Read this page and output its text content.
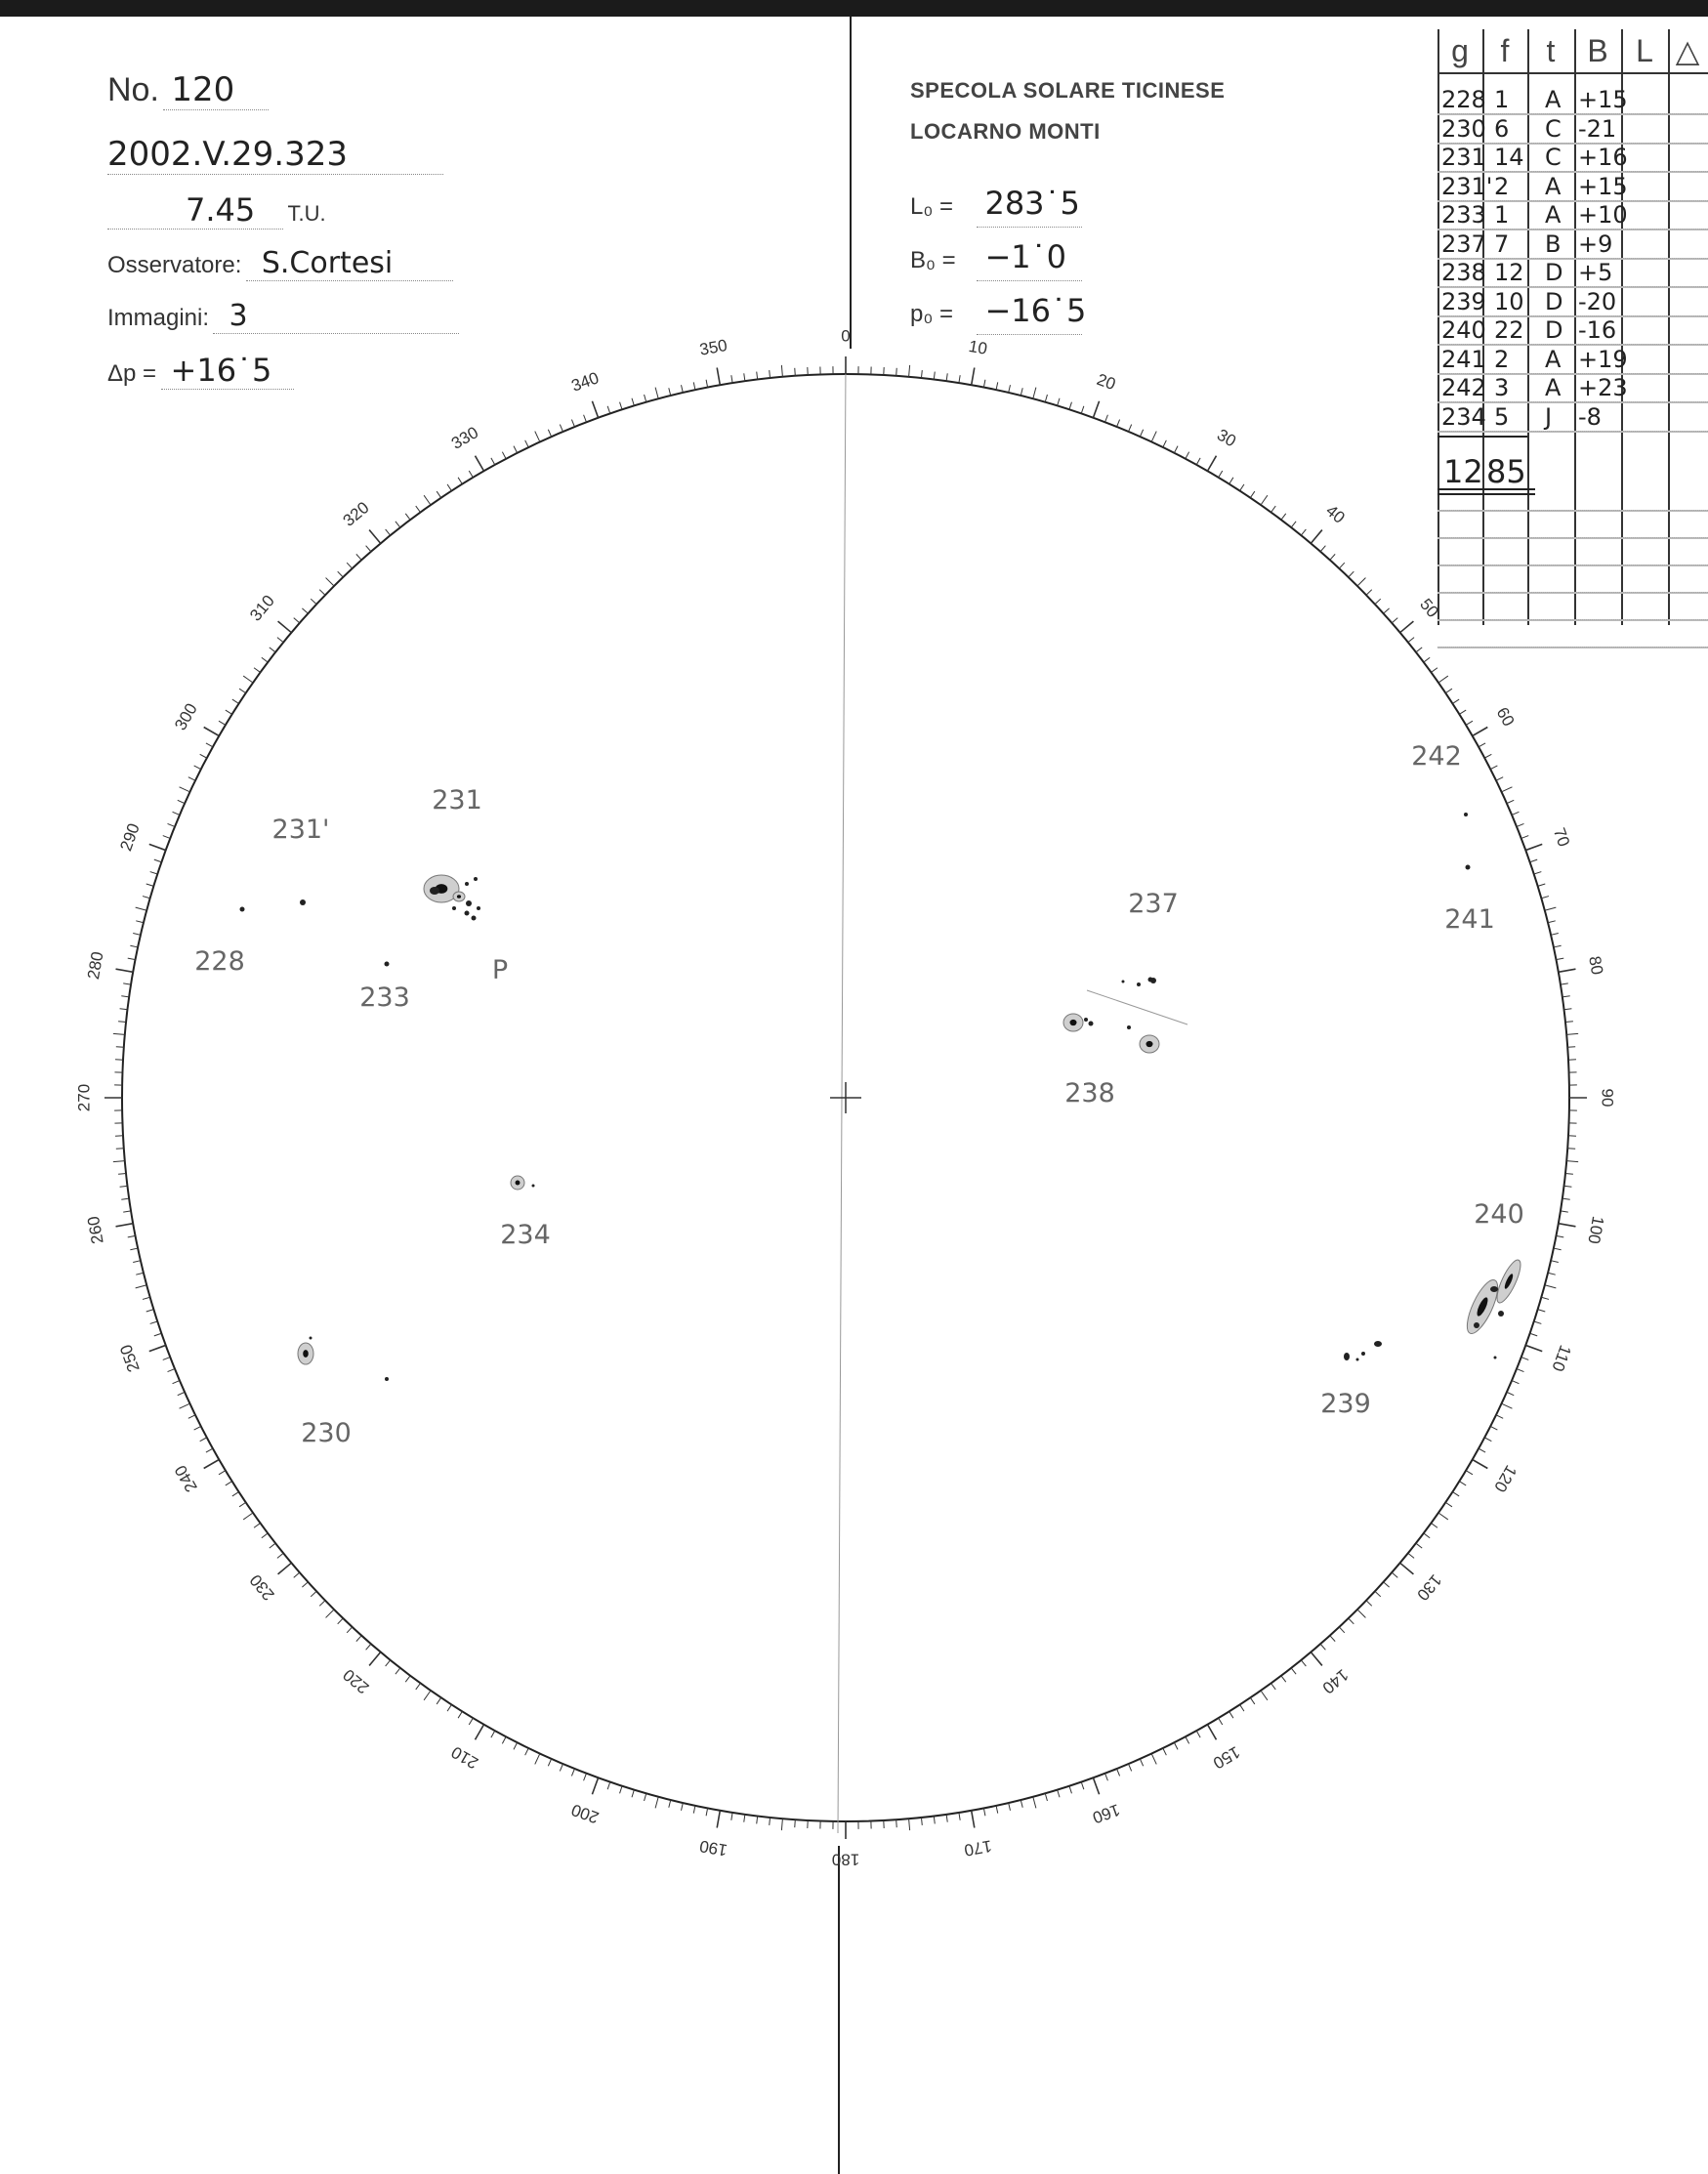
No. 120
2002.V.29.323
7.45 T.U.
Osservatore: S.Cortesi
Immagini: 3
Δp = +16˙5
SPECOLA SOLARE TICINESE
LOCARNO MONTI
L₀ = 283˙5
B₀ = −1˙0
p₀ = −16˙5
g	f	t	B L △
228 1 A +15
230 6 C -21
231 14 C +16
231' 2 A +15
233 1 A +10
237 7 B +9
238 12 D +5
239 10 D -20
240 22 D -16
241 2 A +19
242 3 A +23
234 5 J -8
12 85
0
10
20
30
40
50
60
70
80
90
100
110
120
130
140
150
160
170
180
190
200
210
220
230
240
250
260
270
280
290
300
310
320
330
340
350
231'
231
228
233
P
234
230
237
238
242
241
240
239
